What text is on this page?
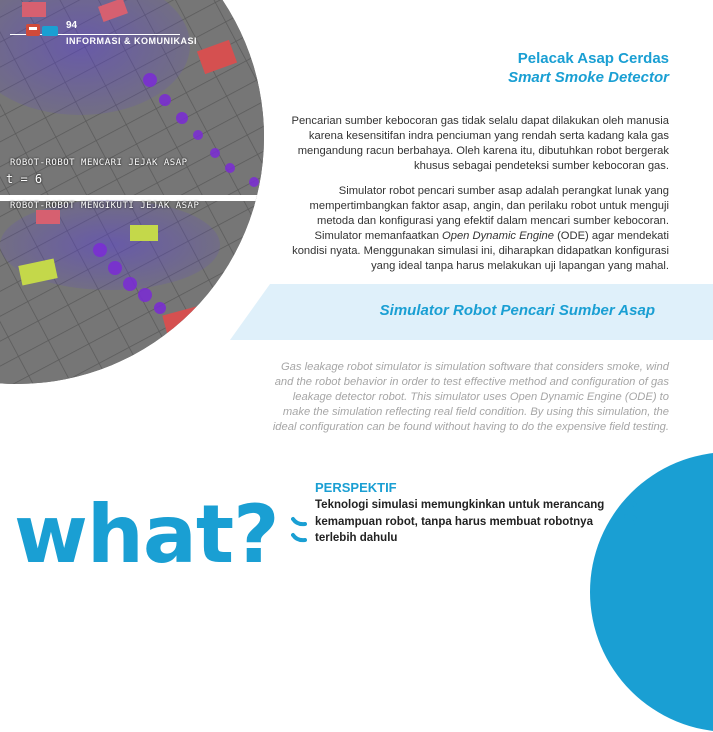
ROBOT-ROBOT MENCARI JEJAK ASAP
t = 6
ROBOT-ROBOT MENGIKUTI JEJAK ASAP
94
INFORMASI & KOMUNIKASI
Pelacak Asap Cerdas
Smart Smoke Detector

Pencarian sumber kebocoran gas tidak selalu dapat dilakukan oleh manusia karena kesensitifan indra penciuman yang rendah serta kadang kala gas mengandung racun berbahaya. Oleh karena itu, dibutuhkan robot bergerak khusus sebagai pendeteksi sumber kebocoran gas.

Simulator robot pencari sumber asap adalah perangkat lunak yang mempertimbangkan faktor asap, angin, dan perilaku robot untuk menguji metoda dan konfigurasi yang efektif dalam mencari sumber kebocoran. Simulator memanfaatkan Open Dynamic Engine (ODE) agar mendekati kondisi nyata. Menggunakan simulasi ini, diharapkan didapatkan konfigurasi yang ideal tanpa harus melakukan uji lapangan yang mahal.

Simulator Robot Pencari Sumber Asap

Gas leakage robot simulator is simulation software that considers smoke, wind and the robot behavior in order to test effective method and configuration of gas leakage detector robot. This simulator uses Open Dynamic Engine (ODE) to make the simulation reflecting real field condition. By using this simulation, the ideal configuration can be found without having to do the expensive field testing.

what?
PERSPEKTIF
Teknologi simulasi memungkinkan untuk merancang
kemampuan robot, tanpa harus membuat robotnya
terlebih dahulu
